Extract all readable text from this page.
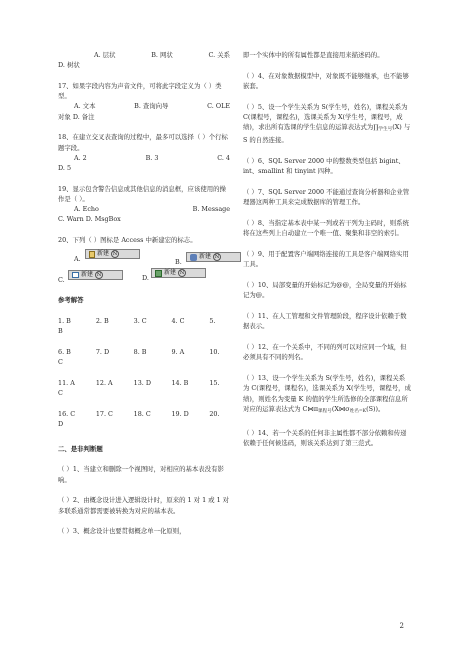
A. 层状	B. 网状	C. 关系

D. 树状

17、如果字段内容为声音文件，可将此字段定义为（ ）类型。

A. 文本	B. 查询向导	C. OLE

对象 D. 备注

18、在建立交叉表查询的过程中，最多可以选择（ ）个行标题字段。

A. 2	B. 3	C. 4

D. 5

19、显示包含警告信息或其他信息的消息框，应该使用的操作是（ ）。

A. Echo	B. Message

C. Warn D. MsgBox

20、下列（ ）图标是 Access 中新建宏的标志。

A.
新建 N
B.
新建 N
C.
新建 N	D.
新建 N

参考解答

1. B	2. B	3. C	4. C	5.
B
6. B	7. D	8. B	9. A	10.
C
11. A	12. A	13. D	14. B	15.
C
16. C	17. C	18. C	19. D	20.
D

二、是非判断题

（ ）1、当建立和删除一个视图时，对相应的基本表没有影响。

（ ）2、由概念设计进入逻辑设计时，原来的 1 对 1 或 1 对多联系通常都需要被转换为对应的基本表。

（ ）3、概念设计也要贯彻概念单一化原则，

即一个实体中的所有属性都是直接用来描述码的。

（ ）4、在对象数据模型中，对象既不能够继承，也不能够嵌套。

（ ）5、设一个学生关系为 S(学生号，姓名)，课程关系为 C(课程号，课程名)，选课关系为 X(学生号，课程号，成绩)，求出所有选课的学生信息的运算表达式为$\prod_{学生号}(X)$ 与 S 的自然连接。

（ ）6、SQL Server 2000 中的整数类型包括 bigint、int、smallint 和 tinyint 四种。

（ ）7、SQL Server 2000 不能通过查询分析器和企业管理器这两种工具来完成数据库的管理工作。

（ ）8、当指定基本表中某一列或若干列为主码时，则系统将在这些列上自动建立一个唯一值、聚集和非空的索引。

（ ）9、用于配置客户端网络连接的工具是客户端网络实用工具。

（ ）10、局部变量的开始标记为@@，全局变量的开始标记为@。

（ ）11、在人工管理和文件管理阶段，程序设计依赖于数据表示。

（ ）12、在一个关系中，不同的列可以对应同一个域，但必须具有不同的列名。

（ ）13、设一个学生关系为 S(学生号，姓名)，课程关系为 C(课程号，课程名)，选课关系为 X(学生号，课程号，成绩)，则姓名为变量 K 的值的学生所选修的全部课程信息所对应的运算表达式为 $C⋈\pi_{课程号}(X⋈\sigma_{姓名=K}(S))$。

（ ）14、若一个关系的任何非主属性都不部分依赖和传递依赖于任何候选码，则该关系达到了第三范式。

2
